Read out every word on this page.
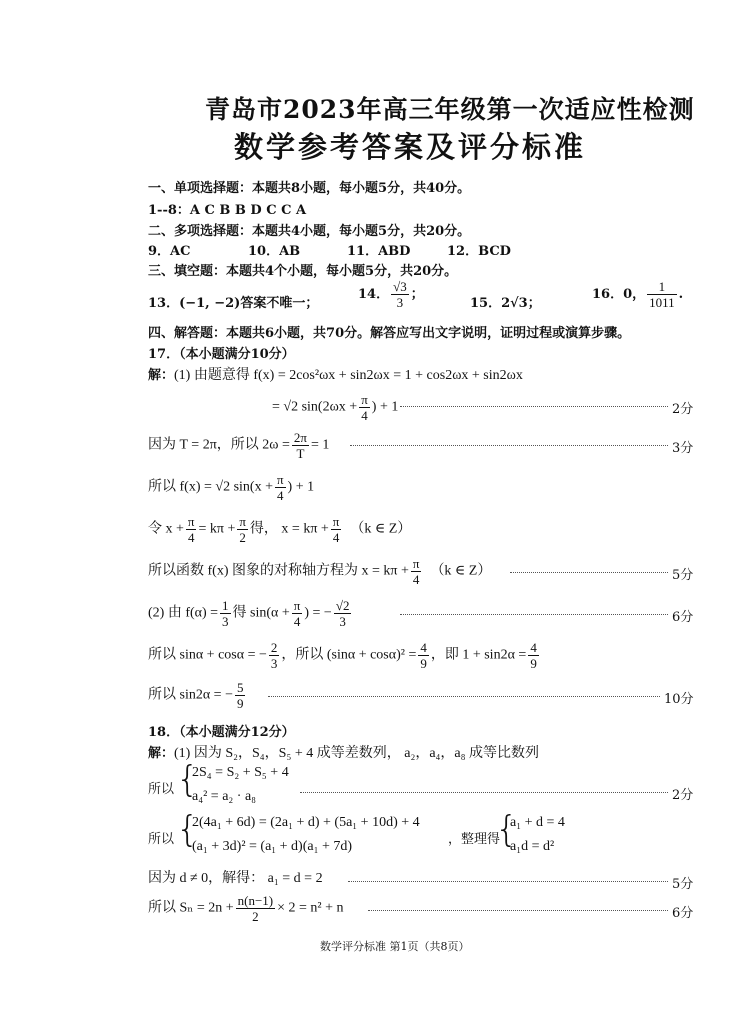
青岛市2023年高三年级第一次适应性检测
数学参考答案及评分标准
一、单项选择题：本题共8小题，每小题5分，共40分。
1--8：A C B B D C C A
二、多项选择题：本题共4小题，每小题5分，共20分。
9．AC	10．AB	11．ABD	12．BCD
三、填空题：本题共4个小题，每小题5分，共20分。
13．(−1, −2)答案不唯一；
14． $\frac{√3}{3}$ ；
15．2√3；
16．0， $\frac{1}{1011}$ .
四、解答题：本题共6小题，共70分。解答应写出文字说明，证明过程或演算步骤。
17．（本小题满分10分）
解：(1) 由题意得 f(x) = 2cos²ωx + sin2ωx = 1 + cos2ωx + sin2ωx
= √2 $\sin(2\omega x + \frac{\pi}{4}$ ) + 1	2分
因为 T = 2π，所以 $2\omega = \frac{2\pi}{T} = 1$	3分
所以 f(x) = √2 $\sin(x + \frac{\pi}{4}$ ) + 1
令 $x + \frac{\pi}{4} = k\pi + \frac{\pi}{2}$ 得， $x = k\pi + \frac{\pi}{4} (k$ ∈ Z）
所以函数 f(x) 图象的对称轴方程为 $x = k\pi + \frac{\pi}{4} (k$ ∈ Z）	5分
(2) 由 $f(\alpha) = \frac{1}{3}$ 得 $\sin(\alpha + \frac{\pi}{4}$ ) = − $\frac{√2}{3}$	6分
所以 sinα + cosα = − $\frac{2}{3}$ ，所以 $(\sin\alpha + \cos\alpha)^2 = \frac{4}{9}$ ，即 $1 + \sin 2\alpha = \frac{4}{9}$
所以 sin2α = − $\frac{5}{9}$	10分
18．（本小题满分12分）
解：(1) 因为 S₂，S₄，S₅ + 4 成等差数列， a₂，a₄，a₈ 成等比数列
所以 {
2S₄ = S₂ + S₅ + 4
a₄² = a₂ · a₈	2分
所以 {
2(4a₁ + 6d) = (2a₁ + d) + (5a₁ + 10d) + 4
(a₁ + 3d)² = (a₁ + d)(a₁ + 7d)	，整理得
{
a₁ + d = 4
a₁d = d²
因为 d ≠ 0，解得： a₁ = d = 2	5分
所以 $S_n = 2n + \frac{n(n-1)}{2} \times 2 = n^2 + n$	6分
数学评分标准 第1页（共8页）
